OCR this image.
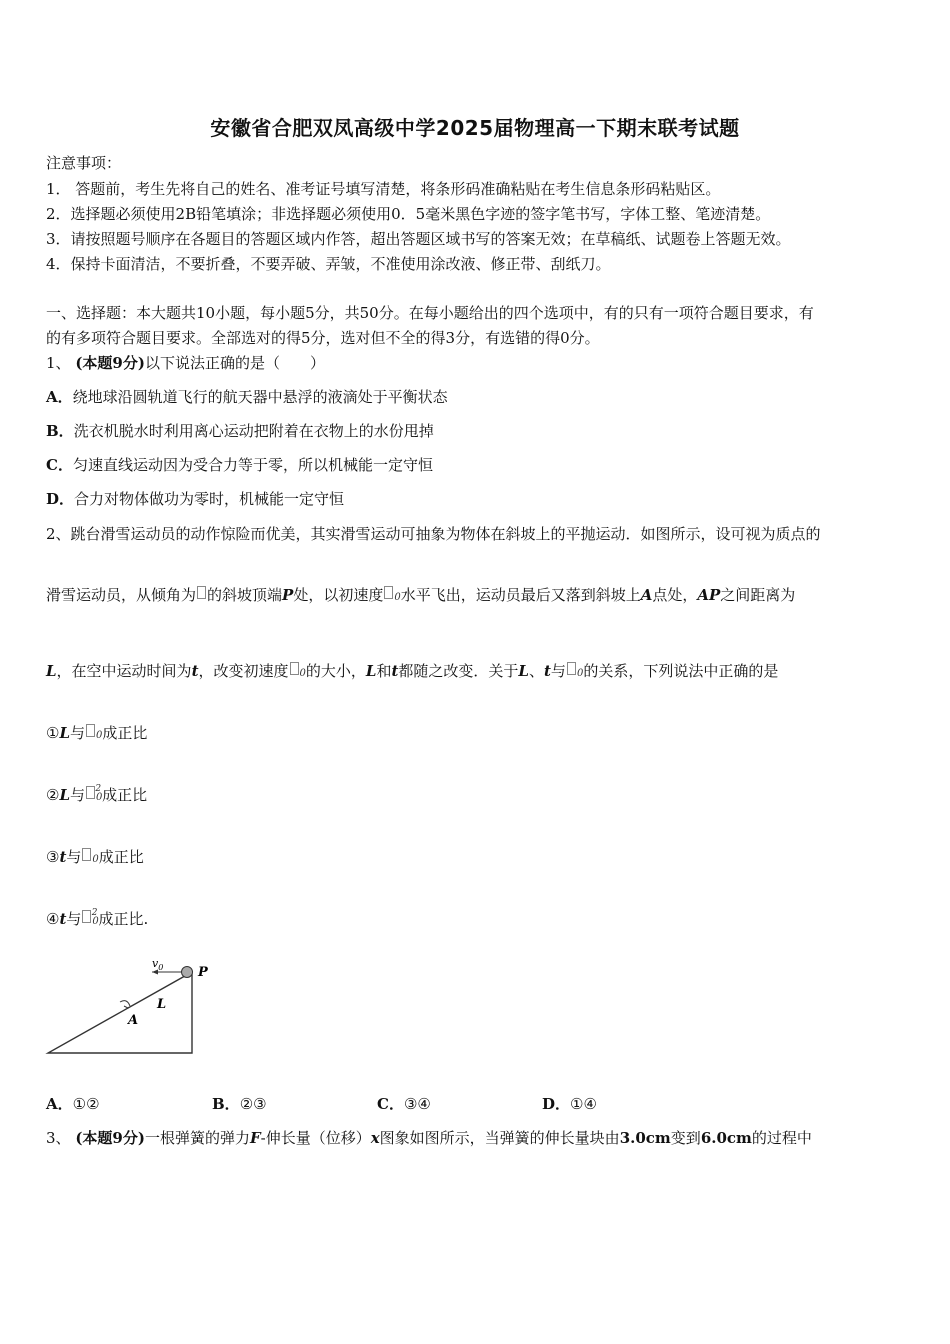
安徽省合肥双凤高级中学2025届物理高一下期末联考试题
注意事项：
1． 答题前，考生先将自己的姓名、准考证号填写清楚，将条形码准确粘贴在考生信息条形码粘贴区。
2．选择题必须使用2B铅笔填涂；非选择题必须使用0．5毫米黑色字迹的签字笔书写，字体工整、笔迹清楚。
3．请按照题号顺序在各题目的答题区域内作答，超出答题区域书写的答案无效；在草稿纸、试题卷上答题无效。
4．保持卡面清洁，不要折叠，不要弄破、弄皱，不准使用涂改液、修正带、刮纸刀。
一、选择题：本大题共10小题，每小题5分，共50分。在每小题给出的四个选项中，有的只有一项符合题目要求，有
的有多项符合题目要求。全部选对的得5分，选对但不全的得3分，有选错的得0分。
1、 (本题9分)以下说法正确的是（　　）
A．绕地球沿圆轨道飞行的航天器中悬浮的液滴处于平衡状态
B．洗衣机脱水时利用离心运动把附着在衣物上的水份甩掉
C．匀速直线运动因为受合力等于零，所以机械能一定守恒
D．合力对物体做功为零时，机械能一定守恒
2、跳台滑雪运动员的动作惊险而优美，其实滑雪运动可抽象为物体在斜坡上的平抛运动．如图所示，设可视为质点的
滑雪运动员，从倾角为 的斜坡顶端P处，以初速度 0水平飞出，运动员最后又落到斜坡上A点处，AP之间距离为
L，在空中运动时间为t，改变初速度 0的大小，L和t都随之改变．关于L、t与 0的关系，下列说法中正确的是
①L与 0成正比
②L与 $0^2$成正比
③t与 0成正比
④t与 $0^2$成正比.
$v_0$	P
L
A
A．①②	B．②③	C．③④	D．①④
3、 (本题9分)一根弹簧的弹力F-伸长量（位移）x图象如图所示，当弹簧的伸长量块由3.0cm变到6.0cm的过程中
